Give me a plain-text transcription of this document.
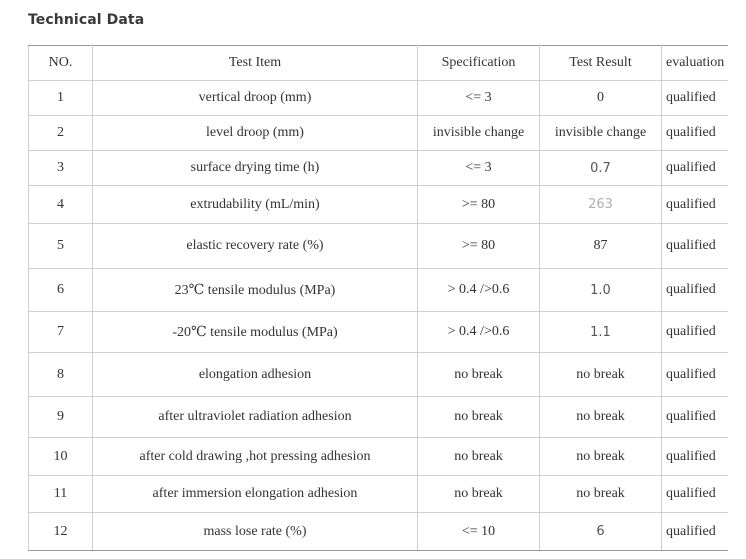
Technical Data
NO.	Test Item	Specification	Test Result	evaluation
1	vertical droop (mm)	<= 3	0	qualified
2	level droop (mm)	invisible change	invisible change	qualified
3	surface drying time (h)	<= 3	0.7	qualified
4	extrudability (mL/min)	>= 80	263	qualified
5	elastic recovery rate (%)	>= 80	87	qualified
6	23℃ tensile modulus (MPa)	> 0.4 />0.6	1.0	qualified
7	-20℃ tensile modulus (MPa)	> 0.4 />0.6	1.1	qualified
8	elongation adhesion	no break	no break	qualified
9	after ultraviolet radiation adhesion	no break	no break	qualified
10	after cold drawing ,hot pressing adhesion	no break	no break	qualified
11	after immersion elongation adhesion	no break	no break	qualified
12	mass lose rate (%)	<= 10	6	qualified
